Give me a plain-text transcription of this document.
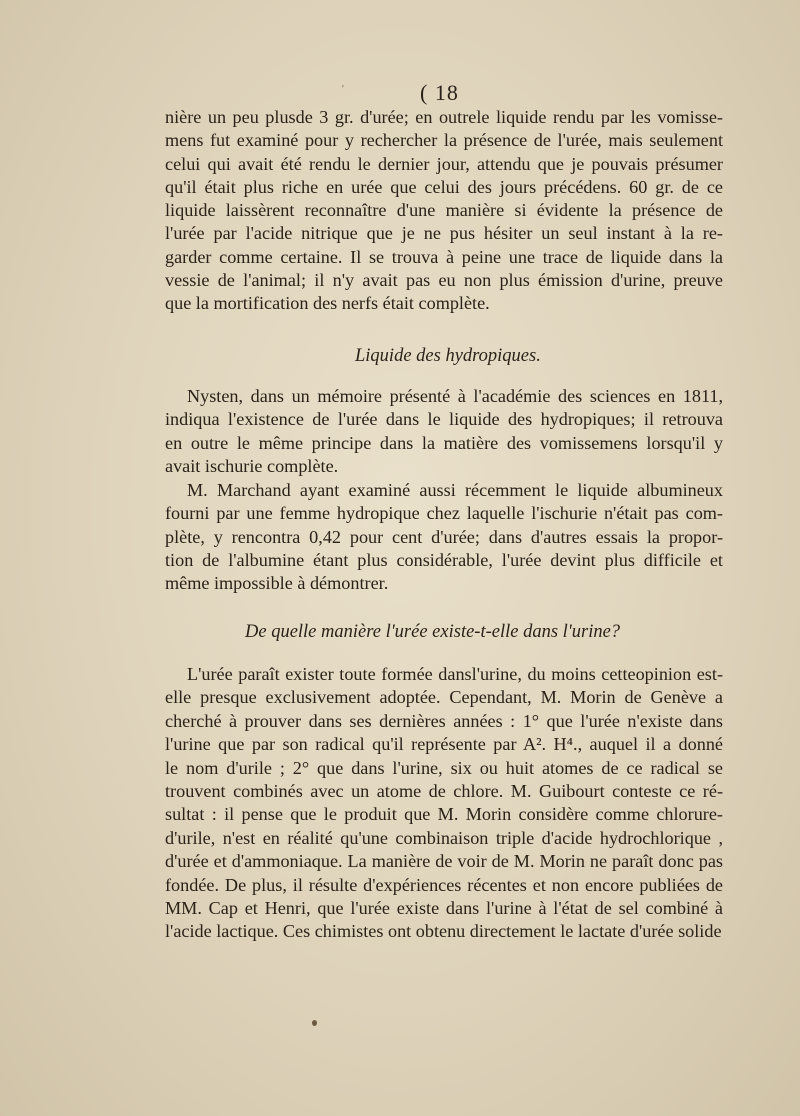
'	( 18
nière un peu plusde 3 gr. d'urée; en outrele liquide rendu par les vomisse-
mens fut examiné pour y rechercher la présence de l'urée, mais seulement
celui qui avait été rendu le dernier jour, attendu que je pouvais présumer
qu'il était plus riche en urée que celui des jours précédens. 60 gr. de ce
liquide laissèrent reconnaître d'une manière si évidente la présence de
l'urée par l'acide nitrique que je ne pus hésiter un seul instant à la re-
garder comme certaine. Il se trouva à peine une trace de liquide dans la
vessie de l'animal; il n'y avait pas eu non plus émission d'urine, preuve
que la mortification des nerfs était complète.
Liquide des hydropiques.
Nysten, dans un mémoire présenté à l'académie des sciences en 1811,
indiqua l'existence de l'urée dans le liquide des hydropiques; il retrouva
en outre le même principe dans la matière des vomissemens lorsqu'il y
avait ischurie complète.
M. Marchand ayant examiné aussi récemment le liquide albumineux
fourni par une femme hydropique chez laquelle l'ischurie n'était pas com-
plète, y rencontra 0,42 pour cent d'urée; dans d'autres essais la propor-
tion de l'albumine étant plus considérable, l'urée devint plus difficile et
même impossible à démontrer.
De quelle manière l'urée existe-t-elle dans l'urine?
L'urée paraît exister toute formée dansl'urine, du moins cetteopinion est-
elle presque exclusivement adoptée. Cependant, M. Morin de Genève a
cherché à prouver dans ses dernières années : 1° que l'urée n'existe dans
l'urine que par son radical qu'il représente par A². H⁴., auquel il a donné
le nom d'urile ; 2° que dans l'urine, six ou huit atomes de ce radical se
trouvent combinés avec un atome de chlore. M. Guibourt conteste ce ré-
sultat : il pense que le produit que M. Morin considère comme chlorure-
d'urile, n'est en réalité qu'une combinaison triple d'acide hydrochlorique ,
d'urée et d'ammoniaque. La manière de voir de M. Morin ne paraît donc pas
fondée. De plus, il résulte d'expériences récentes et non encore publiées de
MM. Cap et Henri, que l'urée existe dans l'urine à l'état de sel combiné à
l'acide lactique. Ces chimistes ont obtenu directement le lactate d'urée solide
